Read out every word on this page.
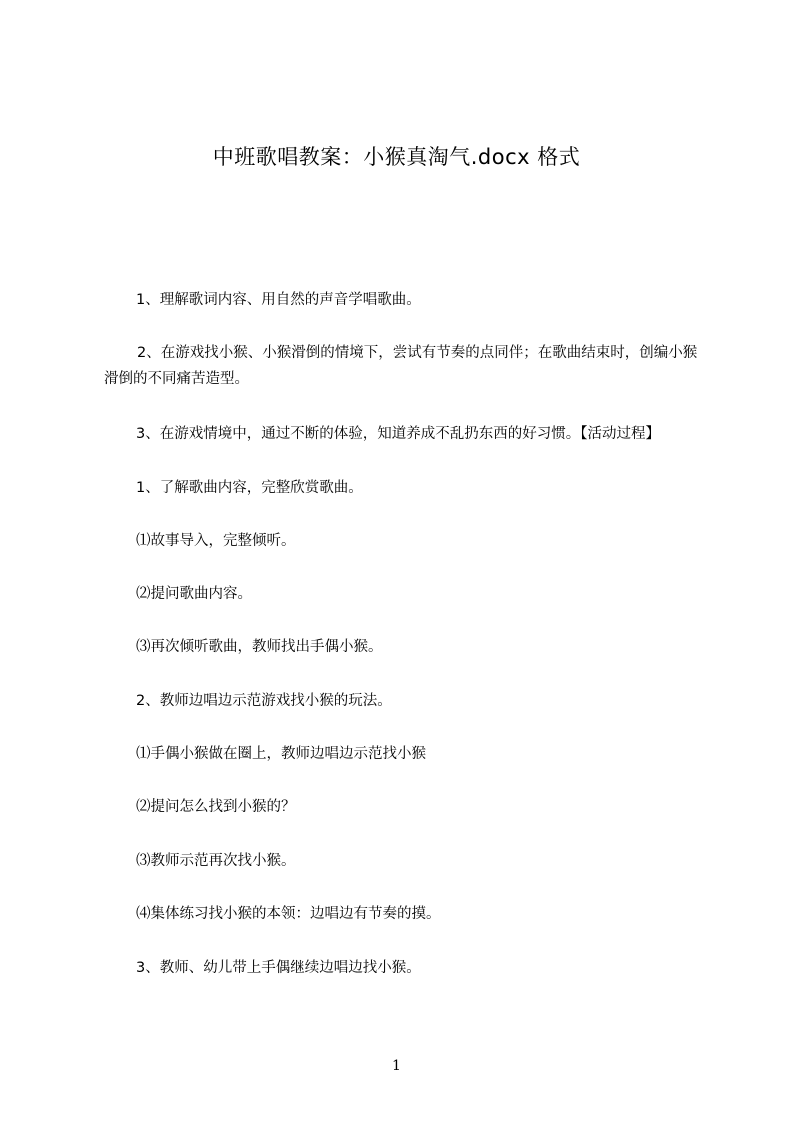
中班歌唱教案：小猴真淘气.docx 格式
1、理解歌词内容、用自然的声音学唱歌曲。
2、在游戏找小猴、小猴滑倒的情境下，尝试有节奏的点同伴；在歌曲结束时，创编小猴滑倒的不同痛苦造型。
3、在游戏情境中，通过不断的体验，知道养成不乱扔东西的好习惯。【活动过程】
1、了解歌曲内容，完整欣赏歌曲。
⑴故事导入，完整倾听。
⑵提问歌曲内容。
⑶再次倾听歌曲，教师找出手偶小猴。
2、教师边唱边示范游戏找小猴的玩法。
⑴手偶小猴做在圈上，教师边唱边示范找小猴
⑵提问怎么找到小猴的？
⑶教师示范再次找小猴。
⑷集体练习找小猴的本领：边唱边有节奏的摸。
3、教师、幼儿带上手偶继续边唱边找小猴。
1
